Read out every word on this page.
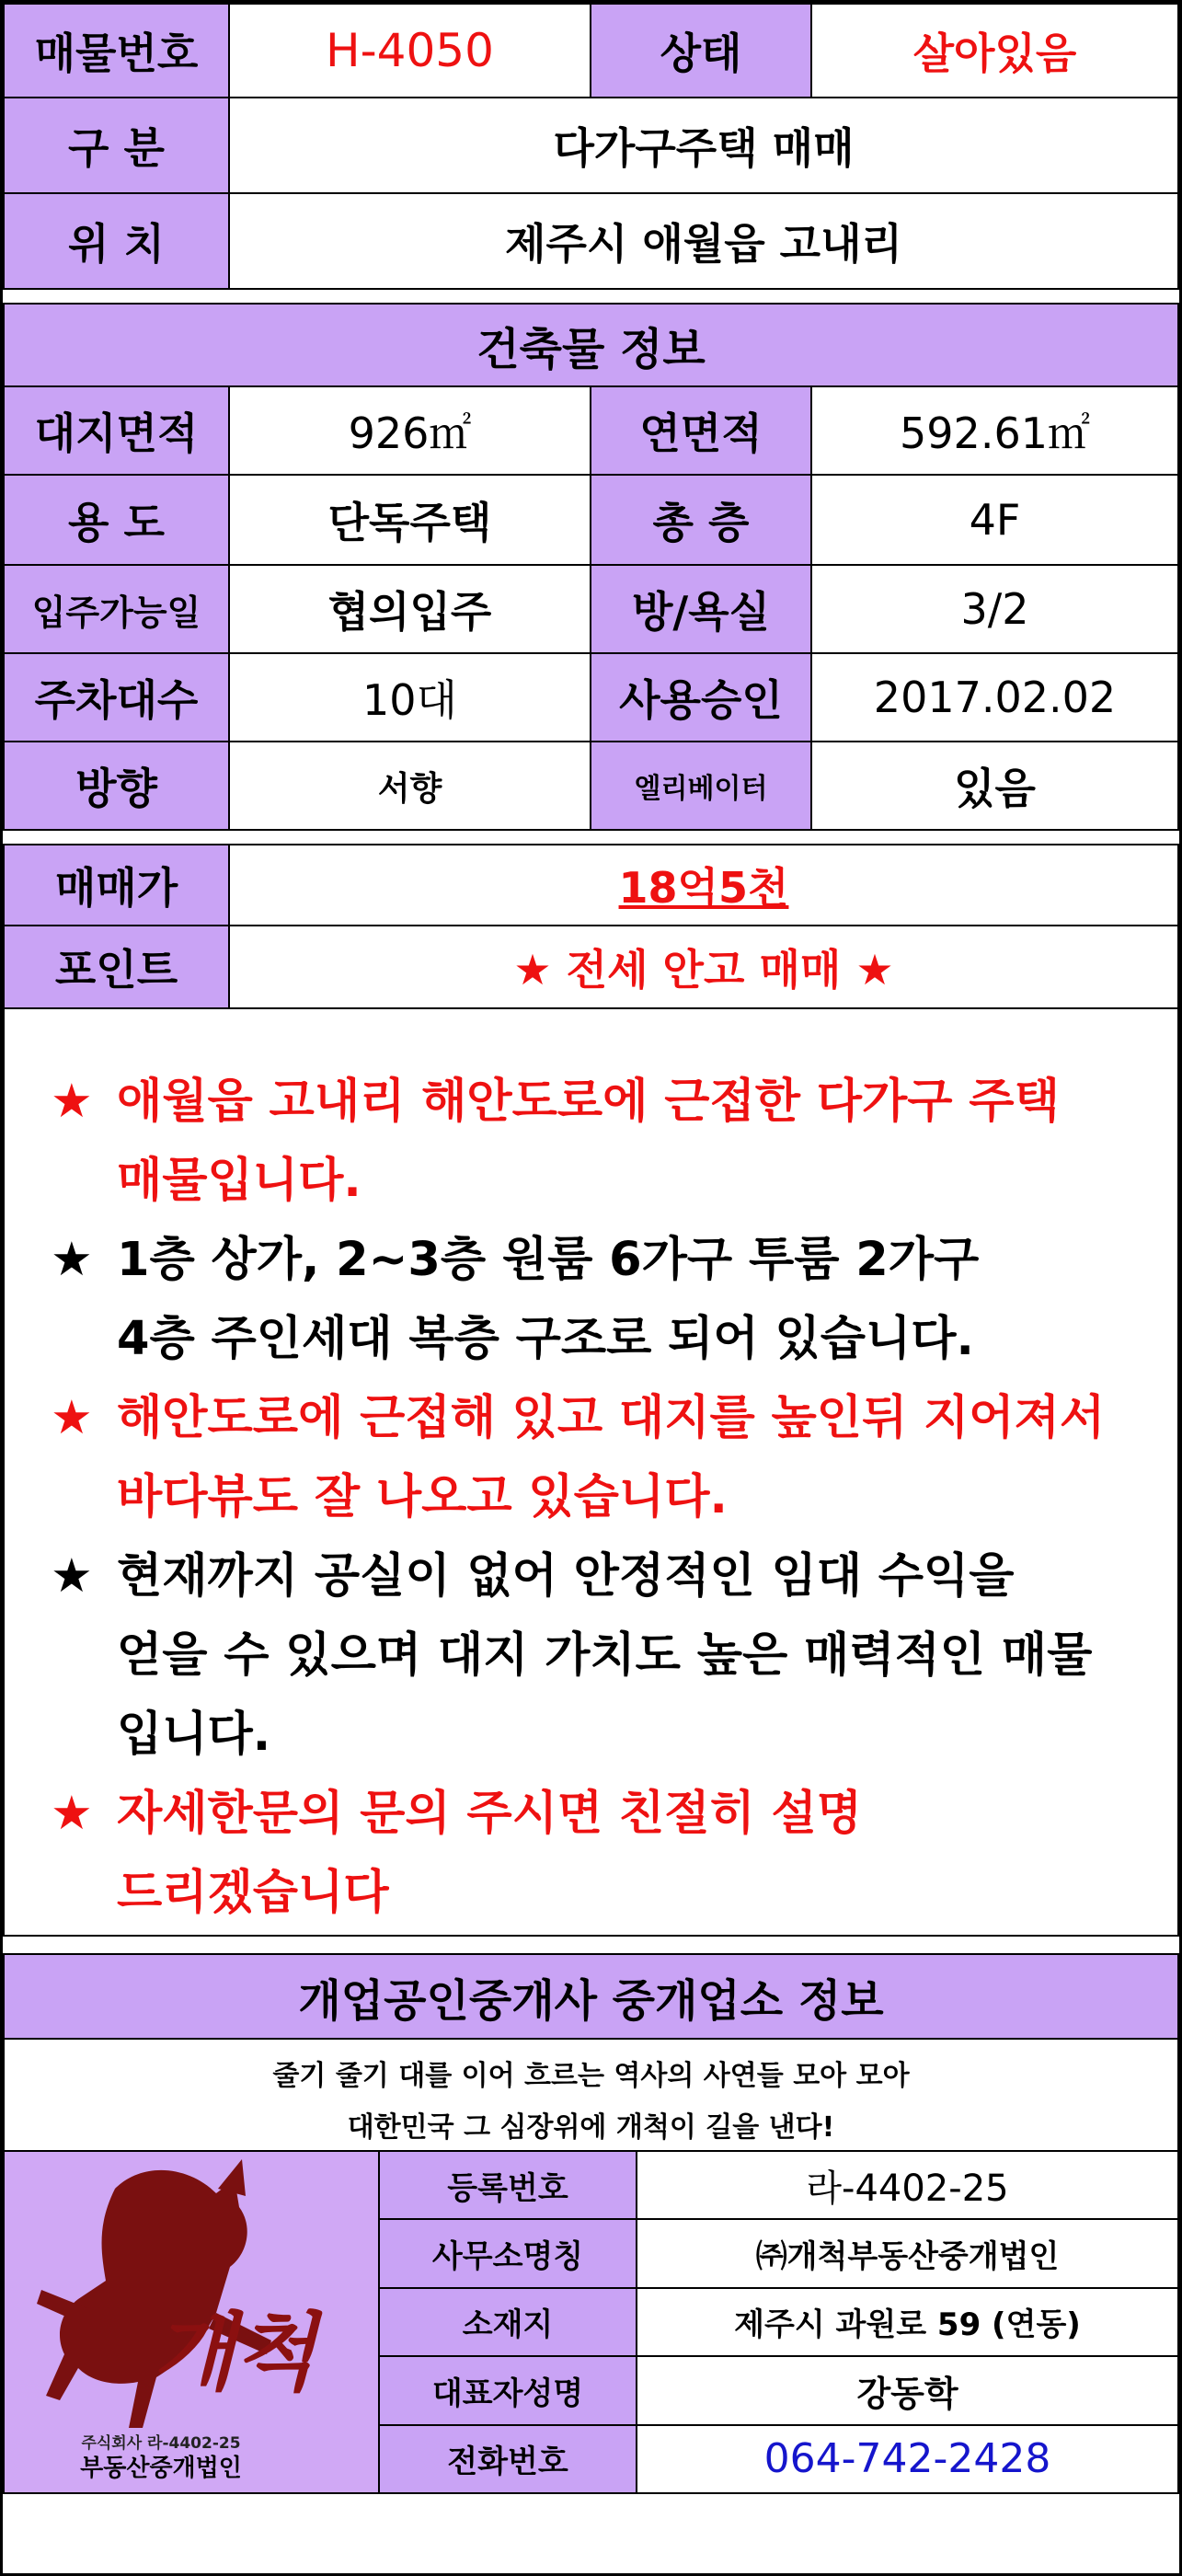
매물번호	H-4050	상태	살아있음
구 분	다가구주택 매매		
위 치	제주시 애월읍 고내리		
건축물 정보			
대지면적	926㎡	연면적	592.61㎡
용 도	단독주택	총 층	4F
입주가능일	협의입주	방/욕실	3/2
주차대수	10대	사용승인	2017.02.02
방향	서향	엘리베이터	있음
매매가	18억5천
포인트	★ 전세 안고 매매 ★
★ 애월읍 고내리 해안도로에 근접한 다가구 주택
매물입니다.
★ 1층 상가, 2~3층 원룸 6가구 투룸 2가구
4층 주인세대 복층 구조로 되어 있습니다.
★ 해안도로에 근접해 있고 대지를 높인뒤 지어져서
바다뷰도 잘 나오고 있습니다.
★ 현재까지 공실이 없어 안정적인 임대 수익을
얻을 수 있으며 대지 가치도 높은 매력적인 매물
입니다.
★ 자세한문의 문의 주시면 친절히 설명
드리겠습니다
개업공인중개사 중개업소 정보		
줄기 줄기 대를 이어 흐르는 역사의 사연들 모아 모아		
대한민국 그 심장위에 개척이 길을 낸다!		

개척
주식회사 라-4402-25
부동산중개법인	등록번호	라-4402-25
	사무소명칭	㈜개척부동산중개법인
	소재지	제주시 과원로 59 (연동)
	대표자성명	강동학
	전화번호	064-742-2428
